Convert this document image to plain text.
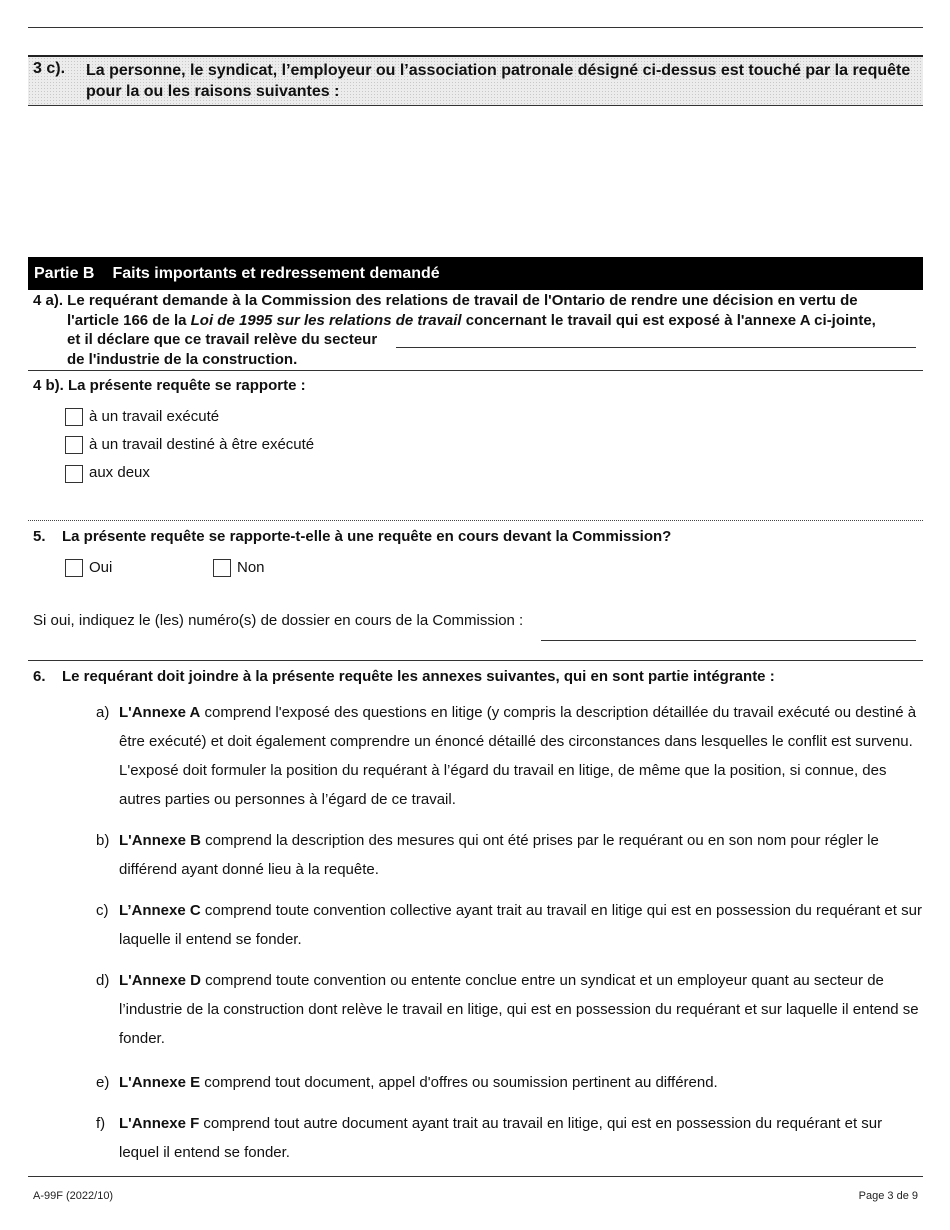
3 c). La personne, le syndicat, l’employeur ou l’association patronale désigné ci-dessus est touché par la requête pour la ou les raisons suivantes :
Partie B Faits importants et redressement demandé
4 a). Le requérant demande à la Commission des relations de travail de l'Ontario de rendre une décision en vertu de
l'article 166 de la Loi de 1995 sur les relations de travail concernant le travail qui est exposé à l'annexe A ci-jointe,
et il déclare que ce travail relève du secteur
de l'industrie de la construction.
4 b). La présente requête se rapporte :
à un travail exécuté
à un travail destiné à être exécuté
aux deux
5. La présente requête se rapporte-t-elle à une requête en cours devant la Commission?
Oui	Non
Si oui, indiquez le (les) numéro(s) de dossier en cours de la Commission :
6. Le requérant doit joindre à la présente requête les annexes suivantes, qui en sont partie intégrante :
a) L'Annexe A comprend l'exposé des questions en litige (y compris la description détaillée du travail exécuté ou destiné à être exécuté) et doit également comprendre un énoncé détaillé des circonstances dans lesquelles le conflit est survenu. L'exposé doit formuler la position du requérant à l’égard du travail en litige, de même que la position, si connue, des autres parties ou personnes à l’égard de ce travail.
b) L'Annexe B comprend la description des mesures qui ont été prises par le requérant ou en son nom pour régler le différend ayant donné lieu à la requête.
c) L’Annexe C comprend toute convention collective ayant trait au travail en litige qui est en possession du requérant et sur laquelle il entend se fonder.
d) L'Annexe D comprend toute convention ou entente conclue entre un syndicat et un employeur quant au secteur de l’industrie de la construction dont relève le travail en litige, qui est en possession du requérant et sur laquelle il entend se fonder.
e) L'Annexe E comprend tout document, appel d'offres ou soumission pertinent au différend.
f) L'Annexe F comprend tout autre document ayant trait au travail en litige, qui est en possession du requérant et sur lequel il entend se fonder.
A-99F (2022/10)	Page 3 de 9
